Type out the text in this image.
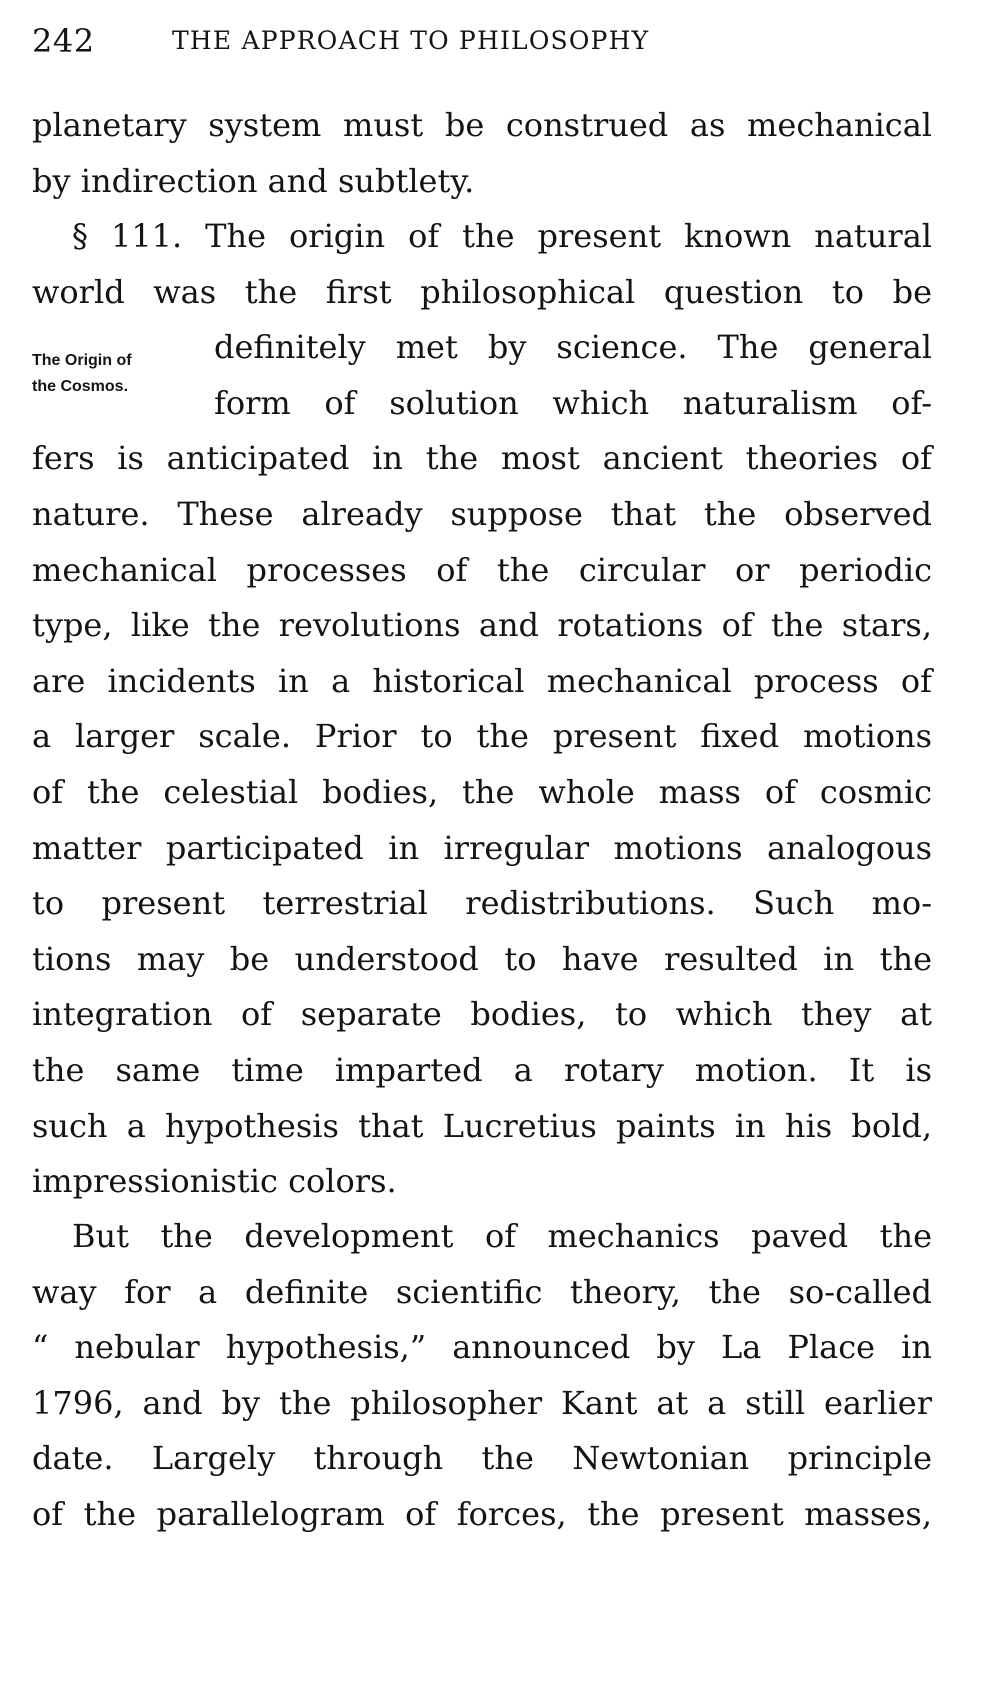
242	THE APPROACH TO PHILOSOPHY
planetary system must be construed as mechanical
by indirection and subtlety.
§ 111. The origin of the present known natural
world was the first philosophical question to be
definitely met by science. The general
form of solution which naturalism of-
fers is anticipated in the most ancient theories of
nature. These already suppose that the observed
mechanical processes of the circular or periodic
type, like the revolutions and rotations of the stars,
are incidents in a historical mechanical process of
a larger scale. Prior to the present fixed motions
of the celestial bodies, the whole mass of cosmic
matter participated in irregular motions analogous
to present terrestrial redistributions. Such mo-
tions may be understood to have resulted in the
integration of separate bodies, to which they at
the same time imparted a rotary motion. It is
such a hypothesis that Lucretius paints in his bold,
impressionistic colors.
The Origin of
the Cosmos.
But the development of mechanics paved the
way for a definite scientific theory, the so-called
“ nebular hypothesis,” announced by La Place in
1796, and by the philosopher Kant at a still earlier
date. Largely through the Newtonian principle
of the parallelogram of forces, the present masses,
